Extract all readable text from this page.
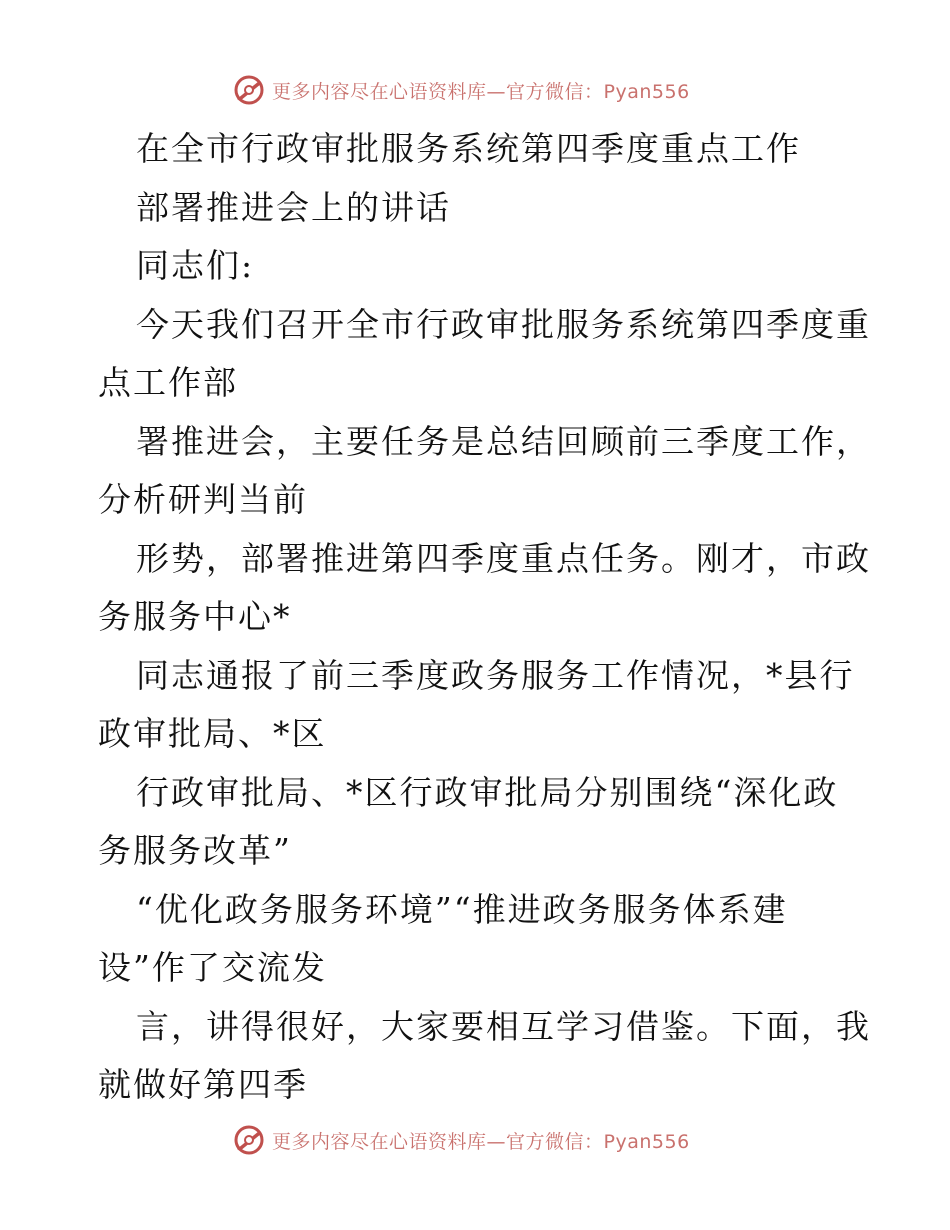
更多内容尽在心语资料库—官方微信：Pyan556
在全市行政审批服务系统第四季度重点工作
部署推进会上的讲话
同志们:
今天我们召开全市行政审批服务系统第四季度重
点工作部
署推进会，主要任务是总结回顾前三季度工作，
分析研判当前
形势，部署推进第四季度重点任务。刚才，市政
务服务中心*
同志通报了前三季度政务服务工作情况，*县行
政审批局、*区
行政审批局、*区行政审批局分别围绕“深化政
务服务改革”
“优化政务服务环境”“推进政务服务体系建
设”作了交流发
言，讲得很好，大家要相互学习借鉴。下面，我
就做好第四季
更多内容尽在心语资料库—官方微信：Pyan556
